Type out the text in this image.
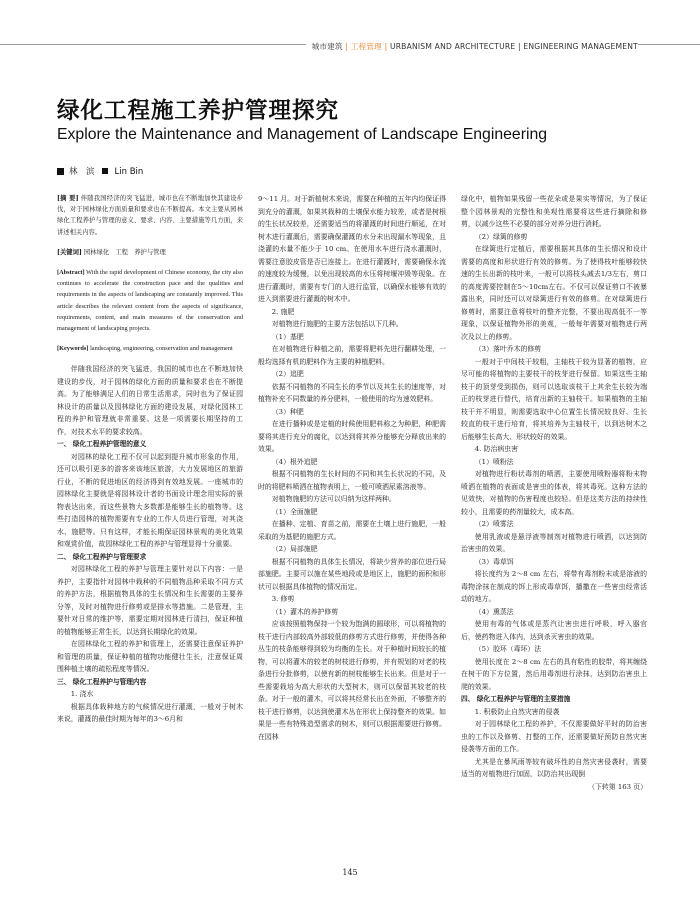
城市建筑 | 工程管理 | URBANISM AND ARCHITECTURE | ENGINEERING MANAGEMENT
绿化工程施工养护管理探究
Explore the Maintenance and Management of Landscape Engineering
林　滨 Lin Bin

[摘 要] 伴随我国经济的突飞猛进，城市也在不断地加快其建设步伐，对于园林绿化方面质量和要求也在不断提高。本文主要从园林绿化工程养护与管理的意义、要求、内容、主要措施等几方面，来讲述相关内容。

[关键词] 园林绿化　工程　养护与管理

[Abstract] With the rapid development of Chinese economy, the city also continues to accelerate the construction pace and the qualities and requirements in the aspects of landscaping are constantly improved. This article describes the relevant content from the aspects of significance, requirements, content, and main measures of the conservation and management of landscaping projects.

[Keywords] landscaping, engineering, conservation and management

伴随我国经济的突飞猛进，我国的城市也在不断地加快建设的步伐，对于园林的绿化方面的质量和要求也在不断提高。为了能够满足人们的日常生活需求，同时也为了保证园林设计的质量以及园林绿化方面的建设发展，对绿化园林工程的养护和管理就非常重要。这是一项需要长期坚持的工作，对技术水平的要求较高。

一、 绿化工程养护管理的意义

对园林的绿化工程不仅可以起到提升城市形象的作用，还可以吸引更多的游客来该地区旅游，大力发展地区的旅游行业，不断的促进地区的经济得到有效地发展。一座城市的园林绿化主要就是将园林设计者的书面设计理念用实际的景物表达出来，而这些景物大多数都是能够生长的植物等。这些打造园林的植物需要有专业的工作人员进行管理，对其浇水、施肥等。只有这样，才能长期保证园林景观的美化效果和观赏价值，故园林绿化工程的养护与管理显得十分重要。

二、 绿化工程养护与管理要求

对园林绿化工程的养护与管理主要针对以下内容：一是养护，主要指针对园林中栽种的不同植物品种采取不同方式的养护方法，根据植物具体的生长情况和生长需要的主要养分等，及时对植物进行修剪或是排水等措施。二是管理，主要针对日常的维护等，需要定期对园林进行清扫，保证种植的植物能够正常生长，以达到长期绿化的效果。

在园林绿化工程的养护和管理上，还需要注意保证养护和管理的质量，保证种植的植物功能健壮生长，注意保证周围种植土壤的疏松程度等情况。

三、 绿化工程养护与管理内容

1. 浇水

根据具体栽种地方的气候情况进行灌溉，一般对于树木来说，灌溉的最佳时期为每年的3～6月和

9～11 月。对于新植树木来说，需要在种植的五年内均保证得到充分的灌溉，如果其栽种的土壤保水能力较差，或者是树根的生长状况较差，还需要适当的将灌溉的时间进行顺延，在对树木进行灌溉后，需要确保灌溉的水分未出现漏水等现象，且浇灌的水量不能少于 10 cm。在使用水车进行浇水灌溉时，需要注意胶皮管是否已连接上。在进行灌溉时，需要确保水流的速度较为缓慢，以免出现较高的水压将树堰冲毁等现象。在进行灌溉时，需要有专门的人进行监管，以确保水能够有效的进入到需要进行灌溉的树木中。

2. 施肥

对植物进行施肥的主要方法包括以下几种。

（1）基肥

在对植物进行种植之前，需要将肥料先进行翻耕处理，一般均选择有机的肥料作为主要的种植肥料。

（2）追肥

依据不同植物的不同生长的季节以及其生长的速度等，对植物补充不同数量的养分肥料，一般使用的均为速效肥料。

（3）种肥

在进行播种或是定植的时候使用肥料称之为种肥，种肥需要将其进行充分的腐化，以达到将其养分能够充分释放出来的效果。

（4）根外追肥

根据不同植物的生长时间的不同和其生长状况的不同，及时的将肥料喷洒在植物表明上，一般可喷洒尿素溶液等。

对植物施肥的方法可以归纳为这样两种。

（1）全面施肥

在播种、定植、育苗之前，需要在土壤上进行施肥，一般采取的为基肥的施肥方式。

（2）局部施肥

根据不同植物的具体生长情况，将缺少营养的部位进行局部施肥。主要可以施在某些地段或是地区上，施肥的面积和形状可以根据具体植物的情况而定。

3. 修剪

（1）灌木的养护修剪

应该按照植物保持一个较为饱满的圆球形，可以将植物的枝干进行内部较高外部较低的修剪方式进行修剪，并使得各种丛生的枝条能够得到较为均衡的生长。对于种植时间较长的植物，可以将灌木的较老的树枝进行修剪，并有规划的对老的枝条进行分批修剪，以使有新的树枝能够生长出来。但是对于一些需要栽培为高大形状的大型树木，则可以保留其较老的枝条。对于一般的灌木，可以将其经常长出在外面，不够整齐的枝干进行修剪，以达到使灌木丛在形状上保持整齐的效果。如果是一些有特殊造型需求的树木，则可以根据需要进行修剪。在园林

绿化中，植物如果残留一些花朵或是果实等情况，为了保证整个园林景观的完整性和美观性需要将这些进行摘除和修剪，以减少这些不必要的部分对养分进行消耗。

（2）绿篱的修剪

在绿篱进行定植后，需要根据其具体的生长情况和设计需要的高度和形状进行有效的修剪。为了使得枝叶能够较快速的生长出新的枝叶来，一般可以将枝头减去1/3左右，剪口的高度需要控制在5～10cm左右。不仅可以保证剪口不被暴露出来，同时还可以对绿篱进行有效的修剪。在对绿篱进行修剪时，需要注意将枝叶的整齐完整，不要出现高低不一等现象，以保证植物外形的美观，一般每年需要对植物进行两次及以上的修剪。

（3）落叶乔木的修剪

一般对于中间枝干较粗，主轴枝干较为显著的植物，应尽可能的将植物的主要枝干的枝芽进行保留。如果这些主轴枝干的顶芽受到损伤，则可以选取该枝干上其余生长较为端正的枝芽进行替代，培育出新的主轴枝干。如果植物的主轴枝干并不明显，则需要选取中心位置生长情况较良好、生长较直的枝干进行培育，将其培养为主轴枝干，以到达树木之后能够生长高大、形状较好的效果。

4. 防治病虫害

（1）喷粉法

对植物进行粉状毒剂的喷洒，主要使用喷粉器将粉末物喷洒在植物的表面或是害虫的体表，将其毒死。这种方法的见效快，对植物的伤害程度也较轻。但是这类方法的持续性较小，且需要的药剂量较大，成本高。

（2）喷雾法

使用乳液或是悬浮液等制剂对植物进行喷洒，以达到防治害虫的效果。

（3）毒草饵

将长度约为 2～8 cm 左右，将带有毒剂粉末或是溶液的毒物涂抹在制成的饵上形成毒草饵，播撒在一些害虫经常活动的地方。

（4）熏蒸法

使用有毒的气体或是蒸汽让害虫进行呼吸，呼入器官后，使药物进入体内，达到杀灭害虫的效果。

（5）胶环（毒环）法

使用长度在 2～8 cm 左右的具有粘性的胶带，将其缠绕在树干的下方位置，然后用毒剂进行涂抹，达到防治害虫上爬的效果。

四、 绿化工程养护与管理的主要措施

1. 积极防止自然灾害的侵袭

对于园林绿化工程的养护，不仅需要做好平时的防治害虫的工作以及修剪、打整的工作，还需要做好预防自然灾害侵袭等方面的工作。

尤其是在暴风雨等较有破坏性的自然灾害侵袭时，需要适当的对植物进行加固，以防治其出现倒

（下转第 163 页）

145
